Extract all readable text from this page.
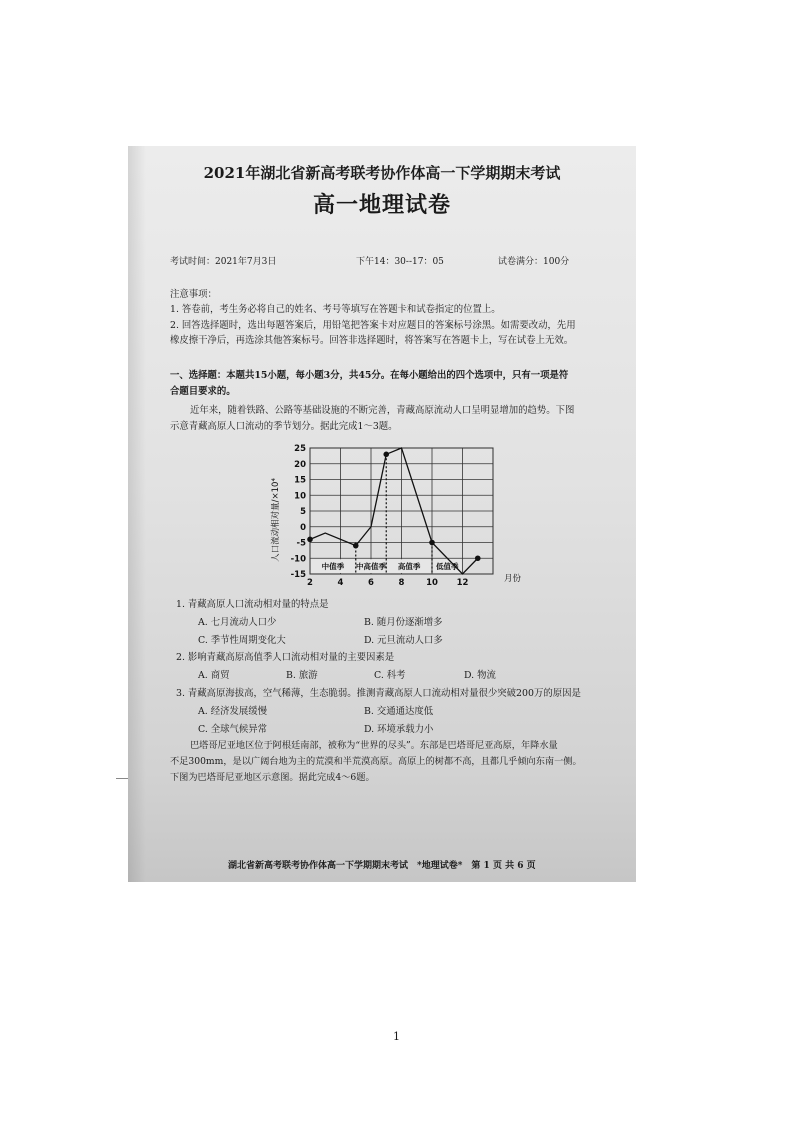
2021年湖北省新高考联考协作体高一下学期期末考试
高一地理试卷
考试时间：2021年7月3日	下午14：30--17：05	试卷满分：100分
注意事项：
1. 答卷前，考生务必将自己的姓名、考号等填写在答题卡和试卷指定的位置上。
2. 回答选择题时，选出每题答案后，用铅笔把答案卡对应题目的答案标号涂黑。如需要改动，先用
橡皮擦干净后，再选涂其他答案标号。回答非选择题时，将答案写在答题卡上，写在试卷上无效。
一、选择题：本题共15小题，每小题3分，共45分。在每小题给出的四个选项中，只有一项是符
合题目要求的。
近年来，随着铁路、公路等基础设施的不断完善，青藏高原流动人口呈明显增加的趋势。下图
示意青藏高原人口流动的季节划分。据此完成1～3题。
中值季 中高值季 高值季 低值季
25
20
15
10
5
0
-5
-10
-15
2	4	6	8	10 12
人口流动相对量/×10⁴
月份
1. 青藏高原人口流动相对量的特点是
A. 七月流动人口少	B. 随月份逐渐增多
C. 季节性周期变化大	D. 元旦流动人口多
2. 影响青藏高原高值季人口流动相对量的主要因素是
A. 商贸	B. 旅游	C. 科考	D. 物流
3. 青藏高原海拔高，空气稀薄，生态脆弱。推测青藏高原人口流动相对量很少突破200万的原因是
A. 经济发展缓慢	B. 交通通达度低
C. 全球气候异常	D. 环境承载力小
巴塔哥尼亚地区位于阿根廷南部，被称为“世界的尽头”。东部是巴塔哥尼亚高原，年降水量
不足300mm，是以广阔台地为主的荒漠和半荒漠高原。高原上的树都不高，且都几乎倾向东南一侧。
下图为巴塔哥尼亚地区示意图。据此完成4～6题。
湖北省新高考联考协作体高一下学期期末考试　*地理试卷*　第 1 页 共 6 页
1
